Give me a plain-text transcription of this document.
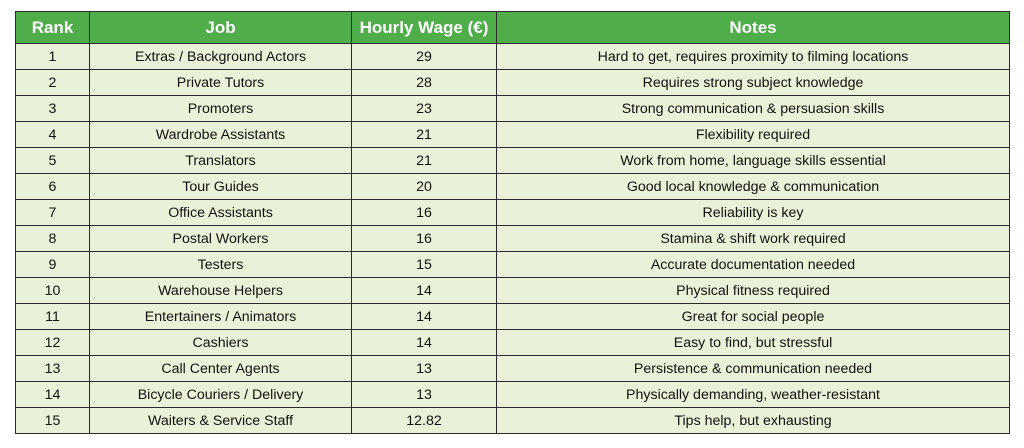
Rank	Job	Hourly Wage (€)	Notes
1	Extras / Background Actors	29	Hard to get, requires proximity to filming locations
2	Private Tutors	28	Requires strong subject knowledge
3	Promoters	23	Strong communication & persuasion skills
4	Wardrobe Assistants	21	Flexibility required
5	Translators	21	Work from home, language skills essential
6	Tour Guides	20	Good local knowledge & communication
7	Office Assistants	16	Reliability is key
8	Postal Workers	16	Stamina & shift work required
9	Testers	15	Accurate documentation needed
10	Warehouse Helpers	14	Physical fitness required
11	Entertainers / Animators	14	Great for social people
12	Cashiers	14	Easy to find, but stressful
13	Call Center Agents	13	Persistence & communication needed
14	Bicycle Couriers / Delivery	13	Physically demanding, weather-resistant
15	Waiters & Service Staff	12.82	Tips help, but exhausting
